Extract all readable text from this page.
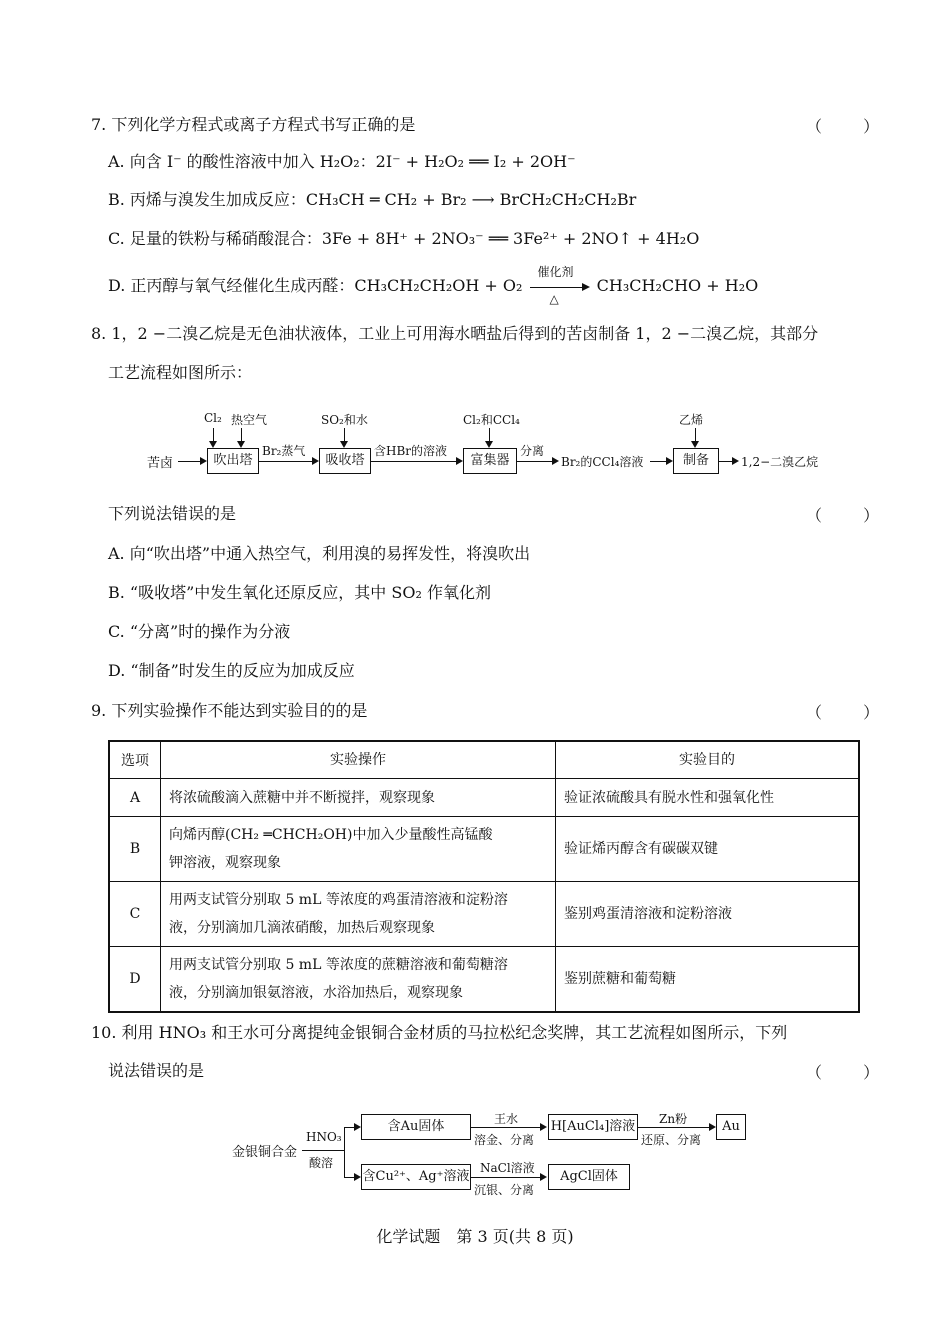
7. 下列化学方程式或离子方程式书写正确的是	（ ）
A. 向含 I⁻ 的酸性溶液中加入 H₂O₂：2I⁻ + H₂O₂ ══ I₂ + 2OH⁻
B. 丙烯与溴发生加成反应：CH₃CH ═ CH₂ + Br₂ ⟶ BrCH₂CH₂CH₂Br
C. 足量的铁粉与稀硝酸混合：3Fe + 8H⁺ + 2NO₃⁻ ══ 3Fe²⁺ + 2NO↑ + 4H₂O
D. 正丙醇与氧气经催化生成丙醛：CH₃CH₂CH₂OH + O₂
催化剂
△
CH₃CH₂CHO + H₂O
8. 1，2 −二溴乙烷是无色油状液体，工业上可用海水晒盐后得到的苦卤制备 1，2 −二溴乙烷，其部分
工艺流程如图所示：
苦卤	吹出塔
Cl₂ 热空气
Br₂蒸气
吸收塔
SO₂和水
含HBr的溶液
富集器
Cl₂和CCl₄
分离
Br₂的CCl₄溶液	制备
乙烯
1,2−二溴乙烷
下列说法错误的是	（ ）
A. 向“吹出塔”中通入热空气，利用溴的易挥发性，将溴吹出
B. “吸收塔”中发生氧化还原反应，其中 SO₂ 作氧化剂
C. “分离”时的操作为分液
D. “制备”时发生的反应为加成反应
9. 下列实验操作不能达到实验目的的是	（ ）
选项	实验操作	实验目的
A	将浓硫酸滴入蔗糖中并不断搅拌，观察现象	验证浓硫酸具有脱水性和强氧化性
B	向烯丙醇(CH₂ ═CHCH₂OH)中加入少量酸性高锰酸
钾溶液，观察现象	验证烯丙醇含有碳碳双键
C	用两支试管分别取 5 mL 等浓度的鸡蛋清溶液和淀粉溶
液，分别滴加几滴浓硝酸，加热后观察现象	鉴别鸡蛋清溶液和淀粉溶液
D	用两支试管分别取 5 mL 等浓度的蔗糖溶液和葡萄糖溶
液，分别滴加银氨溶液，水浴加热后，观察现象	鉴别蔗糖和葡萄糖
10. 利用 HNO₃ 和王水可分离提纯金银铜合金材质的马拉松纪念奖牌，其工艺流程如图所示，下列
说法错误的是	（ ）
金银铜合金
HNO₃
酸溶
含Au固体	王水
溶金、分离
H[AuCl₄]溶液 Zn粉
还原、分离
Au
含Cu²⁺、Ag⁺溶液
NaCl溶液
沉银、分离
AgCl固体
化学试题　第 3 页(共 8 页)
